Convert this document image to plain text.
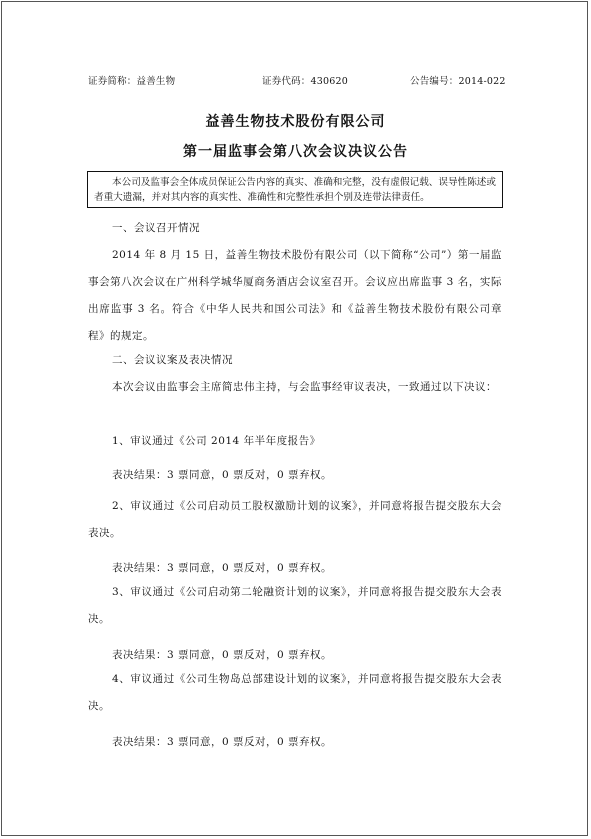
证券简称：益善生物	证券代码：430620	公告编号：2014-022
益善生物技术股份有限公司
第一届监事会第八次会议决议公告
本公司及监事会全体成员保证公告内容的真实、准确和完整，没有虚假记载、误导性陈述或者重大遗漏，并对其内容的真实性、准确性和完整性承担个别及连带法律责任。
一、会议召开情况
2014 年 8 月 15 日，益善生物技术股份有限公司（以下简称“公司”）第一届监事会第八次会议在广州科学城华厦商务酒店会议室召开。会议应出席监事 3 名，实际出席监事 3 名。符合《中华人民共和国公司法》和《益善生物技术股份有限公司章程》的规定。
二、会议议案及表决情况
本次会议由监事会主席简忠伟主持，与会监事经审议表决，一致通过以下决议：
1、审议通过《公司 2014 年半年度报告》
表决结果：3 票同意，0 票反对，0 票弃权。
2、审议通过《公司启动员工股权激励计划的议案》，并同意将报告提交股东大会表决。
表决结果：3 票同意，0 票反对，0 票弃权。
3、审议通过《公司启动第二轮融资计划的议案》，并同意将报告提交股东大会表决。
表决结果：3 票同意，0 票反对，0 票弃权。
4、审议通过《公司生物岛总部建设计划的议案》，并同意将报告提交股东大会表决。
表决结果：3 票同意，0 票反对，0 票弃权。
